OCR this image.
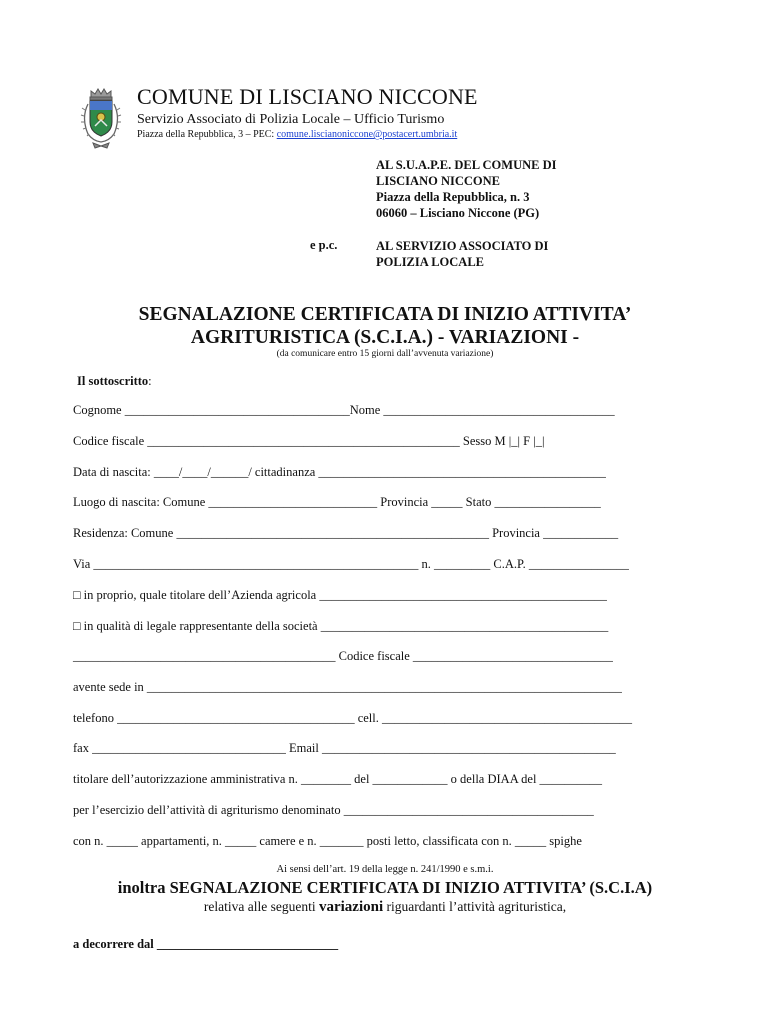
COMUNE DI LISCIANO NICCONE
Servizio Associato di Polizia Locale – Ufficio Turismo
Piazza della Repubblica, 3 – PEC: comune.liscianoniccone@postacert.umbria.it
AL S.U.A.P.E. DEL COMUNE DI
LISCIANO NICCONE
Piazza della Repubblica, n. 3
06060 – Lisciano Niccone (PG)
e p.c.	AL SERVIZIO ASSOCIATO DI
POLIZIA LOCALE
SEGNALAZIONE CERTIFICATA DI INIZIO ATTIVITA’
AGRITURISTICA (S.C.I.A.) - VARIAZIONI -
(da comunicare entro 15 giorni dall’avvenuta variazione)
Il sottoscritto:
Cognome ____________________________________Nome _____________________________________
Codice fiscale __________________________________________________ Sesso M |_| F |_|
Data di nascita: ____/____/______/ cittadinanza ______________________________________________
Luogo di nascita: Comune ___________________________ Provincia _____ Stato _________________
Residenza: Comune __________________________________________________ Provincia ____________
Via ____________________________________________________ n. _________ C.A.P. ________________
□ in proprio, quale titolare dell’Azienda agricola ______________________________________________
□ in qualità di legale rappresentante della società ______________________________________________
__________________________________________ Codice fiscale ________________________________
avente sede in ____________________________________________________________________________
telefono ______________________________________ cell. ________________________________________
fax _______________________________ Email _______________________________________________
titolare dell’autorizzazione amministrativa n. ________ del ____________ o della DIAA del __________
per l’esercizio dell’attività di agriturismo denominato ________________________________________
con n. _____ appartamenti, n. _____ camere e n. _______ posti letto, classificata con n. _____ spighe
Ai sensi dell’art. 19 della legge n. 241/1990 e s.m.i.
inoltra SEGNALAZIONE CERTIFICATA DI INIZIO ATTIVITA’ (S.C.I.A)
relativa alle seguenti variazioni riguardanti l’attività agrituristica,
a decorrere dal _____________________________
